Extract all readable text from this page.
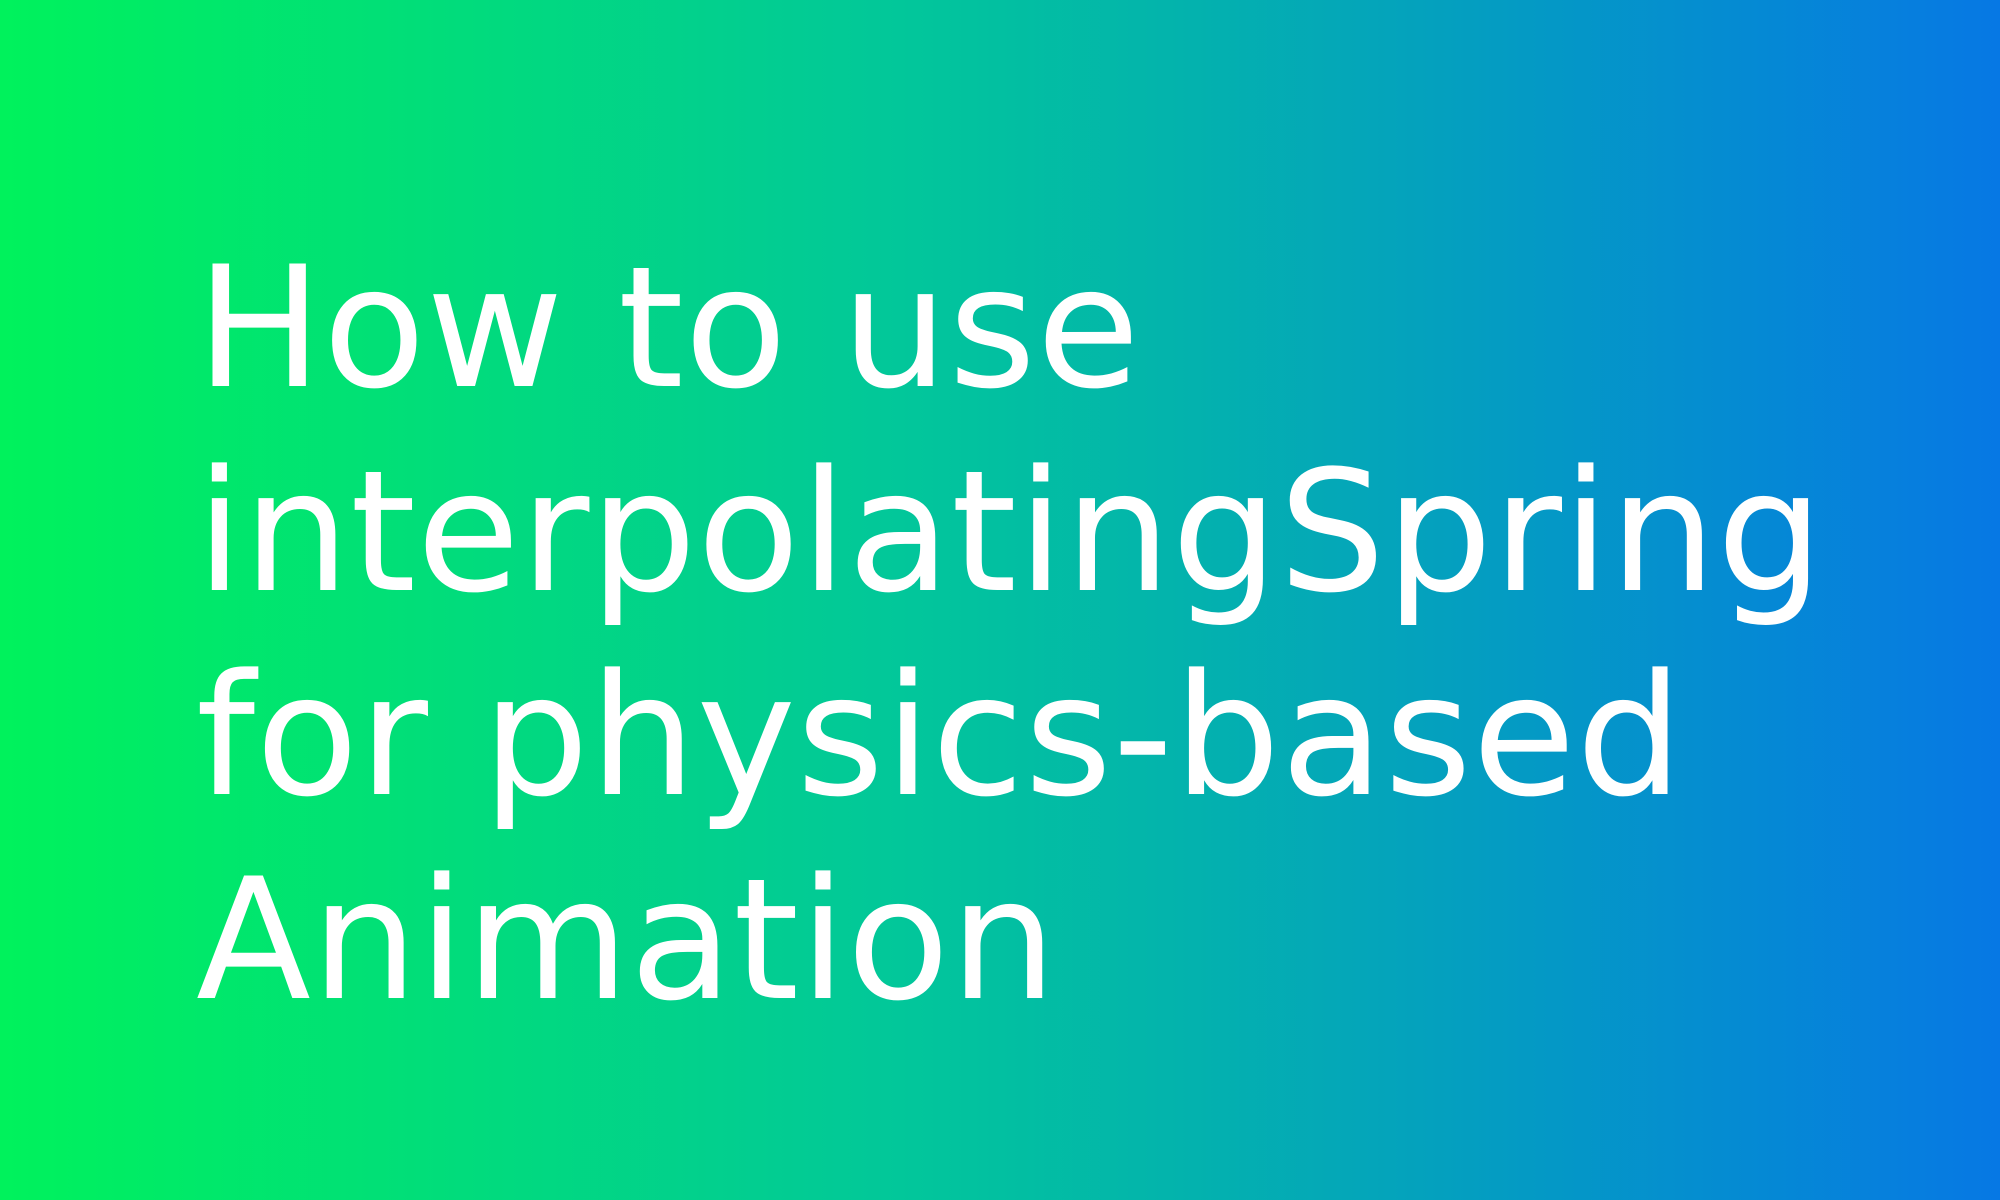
How to use
interpolatingSpring
for physics-based
Animation
